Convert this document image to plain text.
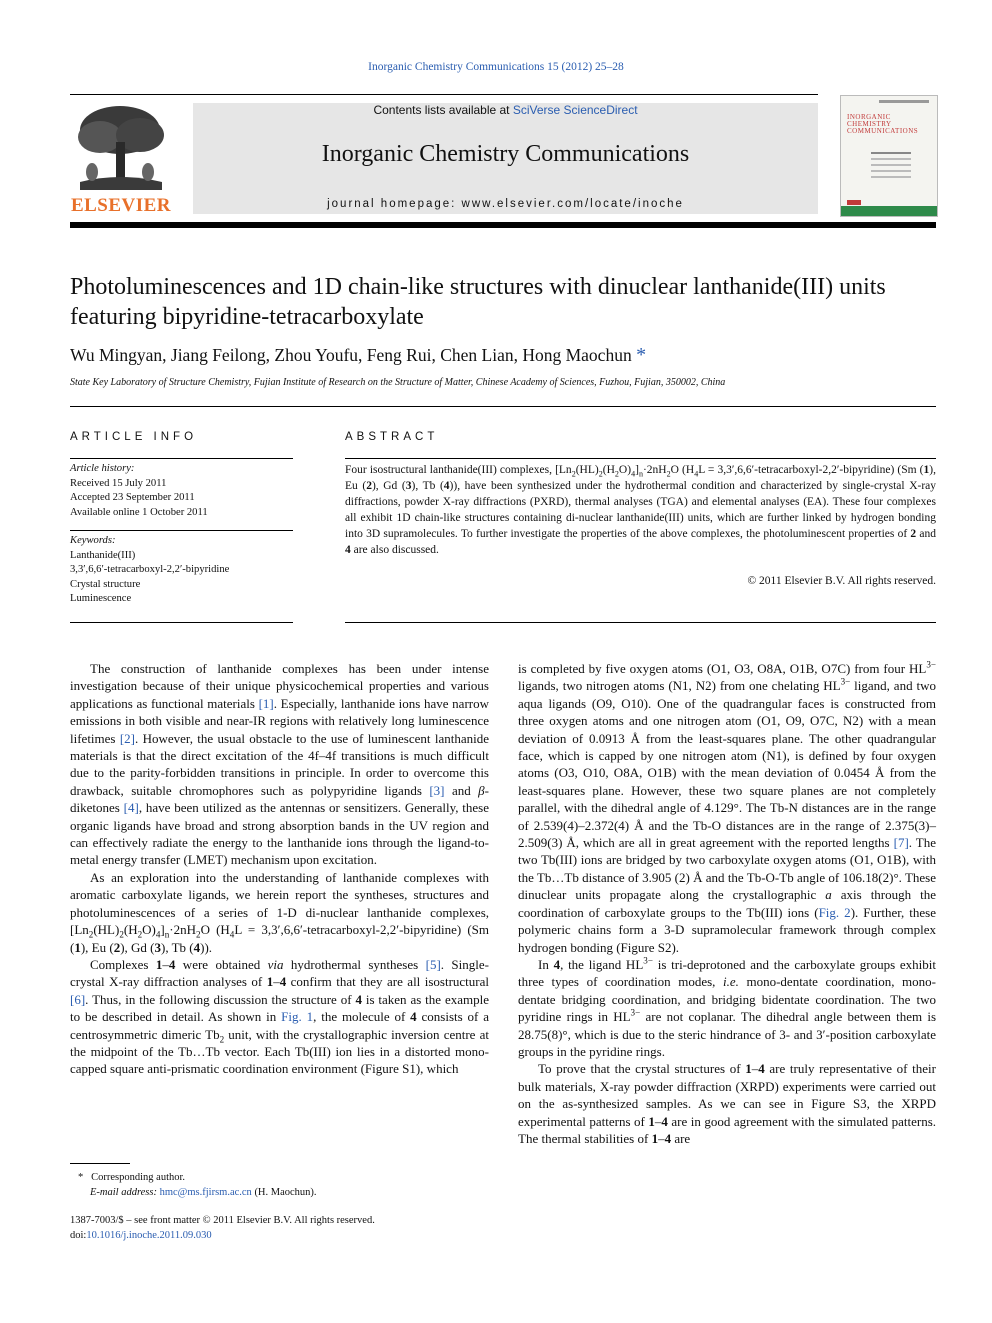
Inorganic Chemistry Communications 15 (2012) 25–28
ELSEVIER
Contents lists available at SciVerse ScienceDirect
Inorganic Chemistry Communications
journal homepage: www.elsevier.com/locate/inoche
INORGANIC CHEMISTRY COMMUNICATIONS
Photoluminescences and 1D chain-like structures with dinuclear lanthanide(III) units
featuring bipyridine-tetracarboxylate
Wu Mingyan, Jiang Feilong, Zhou Youfu, Feng Rui, Chen Lian, Hong Maochun *
State Key Laboratory of Structure Chemistry, Fujian Institute of Research on the Structure of Matter, Chinese Academy of Sciences, Fuzhou, Fujian, 350002, China
ARTICLE INFO
Article history:
Received 15 July 2011
Accepted 23 September 2011
Available online 1 October 2011
Keywords:
Lanthanide(III)
3,3′,6,6′-tetracarboxyl-2,2′-bipyridine
Crystal structure
Luminescence
ABSTRACT
Four isostructural lanthanide(III) complexes, $[Ln_2(HL)_2(H_2O)_4]_n\cdot 2nH_2O$ ($H_4L$ = 3,3′,6,6′-tetracarboxyl-2,2′-bipyridine) (Sm (1), Eu (2), Gd (3), Tb (4)), have been synthesized under the hydrothermal condition and characterized by single-crystal X-ray diffractions, powder X-ray diffractions (PXRD), thermal analyses (TGA) and elemental analyses (EA). These four complexes all exhibit 1D chain-like structures containing di-nuclear lanthanide(III) units, which are further linked by hydrogen bonding into 3D supramolecules. To further investigate the properties of the above complexes, the photoluminescent properties of 2 and 4 are also discussed.
© 2011 Elsevier B.V. All rights reserved.

The construction of lanthanide complexes has been under intense investigation because of their unique physicochemical properties and various applications as functional materials [1]. Especially, lanthanide ions have narrow emissions in both visible and near-IR regions with relatively long luminescence lifetimes [2]. However, the usual obstacle to the use of luminescent lanthanide materials is that the direct excitation of the 4f–4f transitions is much difficult due to the parity-forbidden transitions in principle. In order to overcome this drawback, suitable chromophores such as polypyridine ligands [3] and β-diketones [4], have been utilized as the antennas or sensitizers. Generally, these organic ligands have broad and strong absorption bands in the UV region and can effectively radiate the energy to the lanthanide ions through the ligand-to-metal energy transfer (LMET) mechanism upon excitation.

As an exploration into the understanding of lanthanide complexes with aromatic carboxylate ligands, we herein report the syntheses, structures and photoluminescences of a series of 1-D di-nuclear lanthanide complexes, $[Ln_2(HL)_2(H_2O)_4]_n\cdot 2nH_2O$ ($H_4L$ = 3,3′,6,6′-tetracarboxyl-2,2′-bipyridine) (Sm (1), Eu (2), Gd (3), Tb (4)).

Complexes 1–4 were obtained via hydrothermal syntheses [5]. Single-crystal X-ray diffraction analyses of 1–4 confirm that they are all isostructural [6]. Thus, in the following discussion the structure of 4 is taken as the example to be described in detail. As shown in Fig. 1, the molecule of 4 consists of a centrosymmetric dimeric $Tb_2$ unit, with the crystallographic inversion centre at the midpoint of the Tb…Tb vector. Each Tb(III) ion lies in a distorted mono-capped square anti-prismatic coordination environment (Figure S1), which

is completed by five oxygen atoms (O1, O3, O8A, O1B, O7C) from four $HL^{3-}$ ligands, two nitrogen atoms (N1, N2) from one chelating $HL^{3-}$ ligand, and two aqua ligands (O9, O10). One of the quadrangular faces is constructed from three oxygen atoms and one nitrogen atom (O1, O9, O7C, N2) with a mean deviation of 0.0913 Å from the least-squares plane. The other quadrangular face, which is capped by one nitrogen atom (N1), is defined by four oxygen atoms (O3, O10, O8A, O1B) with the mean deviation of 0.0454 Å from the least-squares plane. However, these two square planes are not completely parallel, with the dihedral angle of 4.129°. The Tb-N distances are in the range of 2.539(4)–2.372(4) Å and the Tb-O distances are in the range of 2.375(3)–2.509(3) Å, which are all in great agreement with the reported lengths [7]. The two Tb(III) ions are bridged by two carboxylate oxygen atoms (O1, O1B), with the Tb…Tb distance of 3.905 (2) Å and the Tb-O-Tb angle of 106.18(2)°. These dinuclear units propagate along the crystallographic a axis through the coordination of carboxylate groups to the Tb(III) ions (Fig. 2). Further, these polymeric chains form a 3-D supramolecular framework through complex hydrogen bonding (Figure S2).

In 4, the ligand $HL^{3-}$ is tri-deprotoned and the carboxylate groups exhibit three types of coordination modes, i.e. mono-dentate coordination, mono-dentate bridging coordination, and bridging bidentate coordination. The two pyridine rings in $HL^{3-}$ are not coplanar. The dihedral angle between them is 28.75(8)°, which is due to the steric hindrance of 3- and 3′-position carboxylate groups in the pyridine rings.

To prove that the crystal structures of 1–4 are truly representative of their bulk materials, X-ray powder diffraction (XRPD) experiments were carried out on the as-synthesized samples. As we can see in Figure S3, the XRPD experimental patterns of 1–4 are in good agreement with the simulated patterns. The thermal stabilities of 1–4 are

* Corresponding author.
E-mail address: hmc@ms.fjirsm.ac.cn (H. Maochun).
1387-7003/$ – see front matter © 2011 Elsevier B.V. All rights reserved.
doi:10.1016/j.inoche.2011.09.030
